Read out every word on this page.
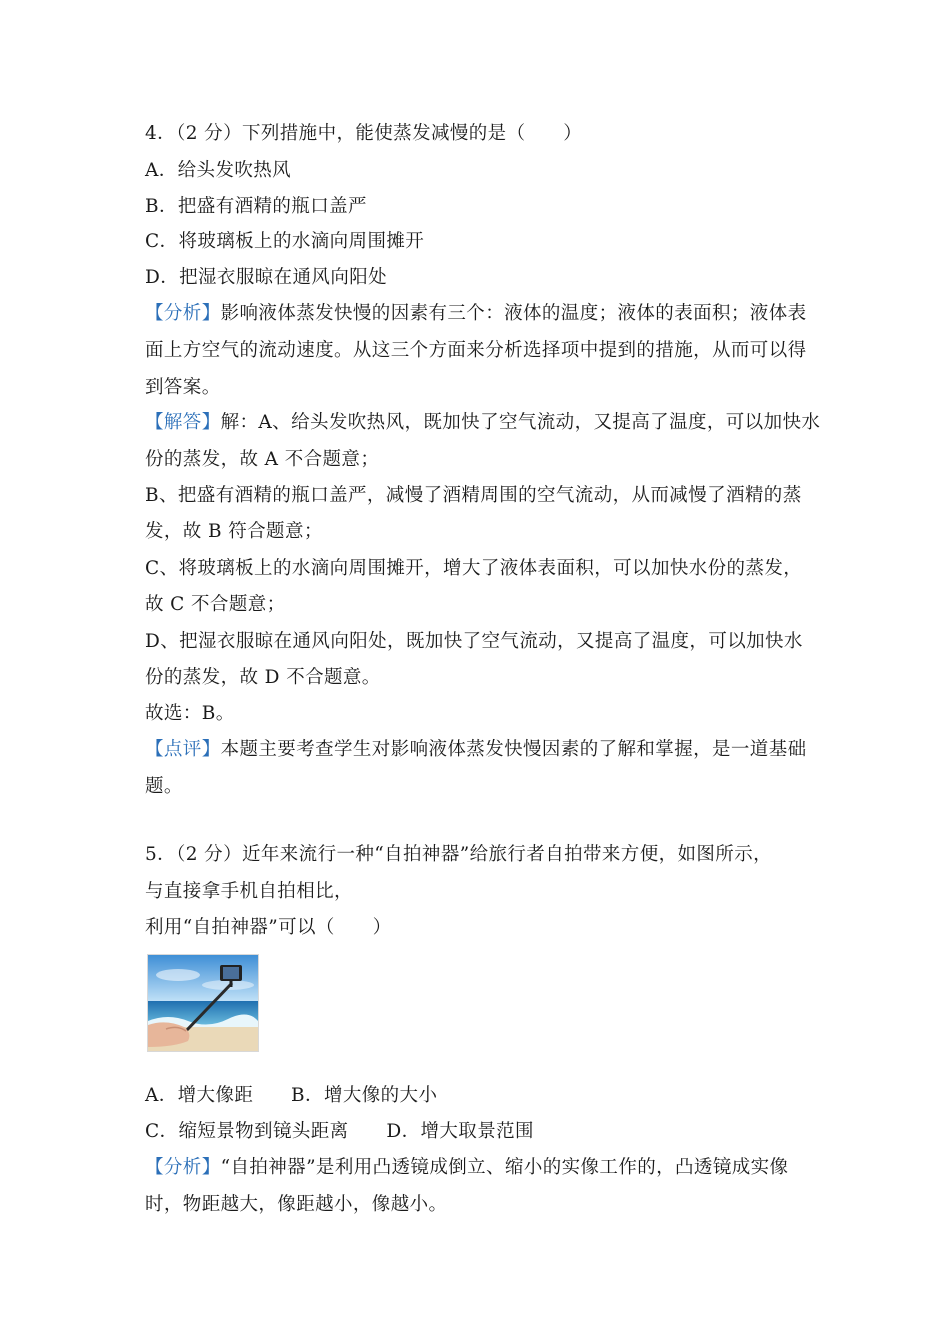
4．（2 分）下列措施中，能使蒸发减慢的是（　　）

A．给头发吹热风

B．把盛有酒精的瓶口盖严

C．将玻璃板上的水滴向周围摊开

D．把湿衣服晾在通风向阳处

【分析】影响液体蒸发快慢的因素有三个：液体的温度；液体的表面积；液体表

面上方空气的流动速度。从这三个方面来分析选择项中提到的措施，从而可以得

到答案。

【解答】解：A、给头发吹热风，既加快了空气流动，又提高了温度，可以加快水

份的蒸发，故 A 不合题意；

B、把盛有酒精的瓶口盖严，减慢了酒精周围的空气流动，从而减慢了酒精的蒸

发，故 B 符合题意；

C、将玻璃板上的水滴向周围摊开，增大了液体表面积，可以加快水份的蒸发，

故 C 不合题意；

D、把湿衣服晾在通风向阳处，既加快了空气流动，又提高了温度，可以加快水

份的蒸发，故 D 不合题意。

故选：B。

【点评】本题主要考查学生对影响液体蒸发快慢因素的了解和掌握，是一道基础

题。

5．（2 分）近年来流行一种“自拍神器”给旅行者自拍带来方便，如图所示，

与直接拿手机自拍相比，

利用“自拍神器”可以（　　）

A．增大像距　　B．增大像的大小

C．缩短景物到镜头距离　　D．增大取景范围

【分析】“自拍神器”是利用凸透镜成倒立、缩小的实像工作的，凸透镜成实像

时，物距越大，像距越小，像越小。
